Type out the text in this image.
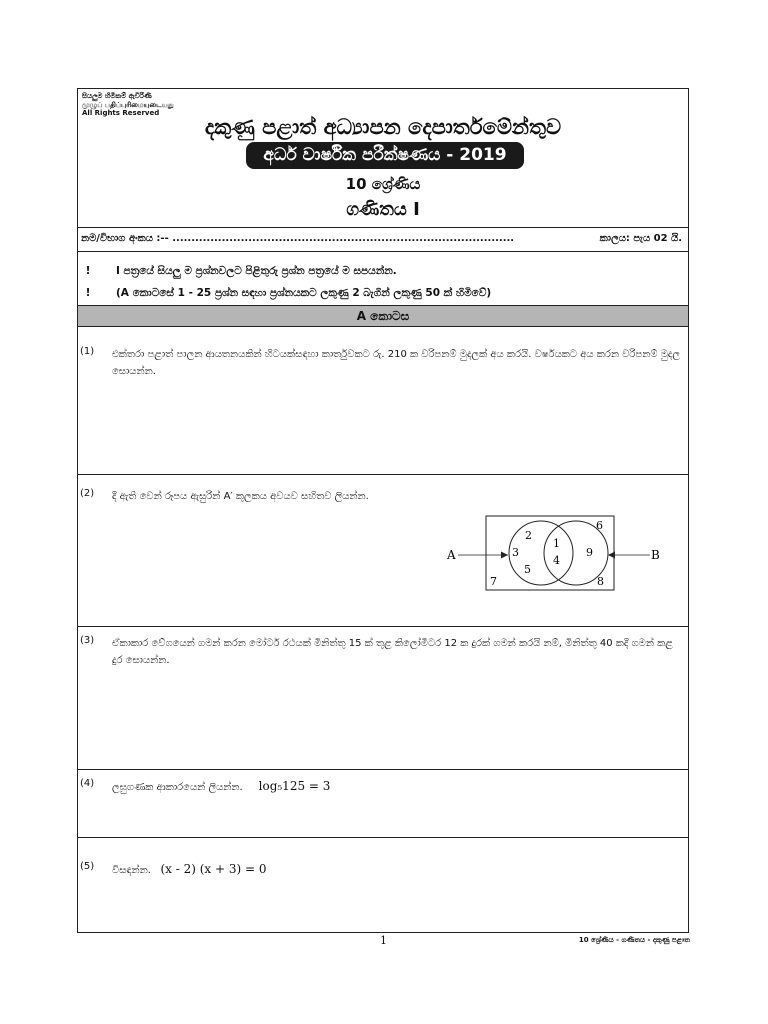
සියලුම හිමිකම් ඇවිරිණි
முழுப் பதிப்புரிமையுடையது
All Rights Reserved
දකුණු පළාත් අධ්‍යාපන දෙපාර්තමේන්තුව
අර්ධ වාර්ෂික පරීක්ෂණය - 2019
10 ශ්‍රේණිය
ගණිතය I
නම/විභාග අංකය :-- ..........................................................................................	කාලය: පැය 02 යි.
!	I පත්‍රයේ සියලු ම ප්‍රශ්නවලට පිළිතුරු ප්‍රශ්න පත්‍රයේ ම සපයන්න.
!	(A කොටසේ 1 - 25 ප්‍රශ්න සඳහා ප්‍රශ්නයකට ලකුණු 2 බැගින් ලකුණු 50 ක් හිමිවේ)
A කොටස
(1) එක්තරා පළාත් පාලන ආයතනයකින් හිටයක්සඳහා කාර්තුවකට රු. 210 ක වරිපනම් මුදලක් අය කරයි. වර්ෂයකට අය කරන වරිපනම් මුදල සොයන්න.
(2) දී ඇති වෙන් රූපය ඇසුරින් A′ කුලකය අවයව සහිතව ලියන්න.
A	B
2
3
5
1
4
9
6
7	8
(3) ඒකාකාර වේගයෙන් ගමන් කරන මෝටර් රථයක් මිනිත්තු 15 ක් තුළ කිලෝමීටර 12 ක දුරක් ගමන් කරයි නම්, මිනිත්තු 40 කදී ගමන් කළ දුර සොයන්න.
(4) ලඝුගණක ආකාරයෙන් ලියන්න. log₅125 = 3
(5) විසඳන්න. (x - 2) (x + 3) = 0
1	10 ශ්‍රේණිය - ගණිතය - දකුණු පළාත
